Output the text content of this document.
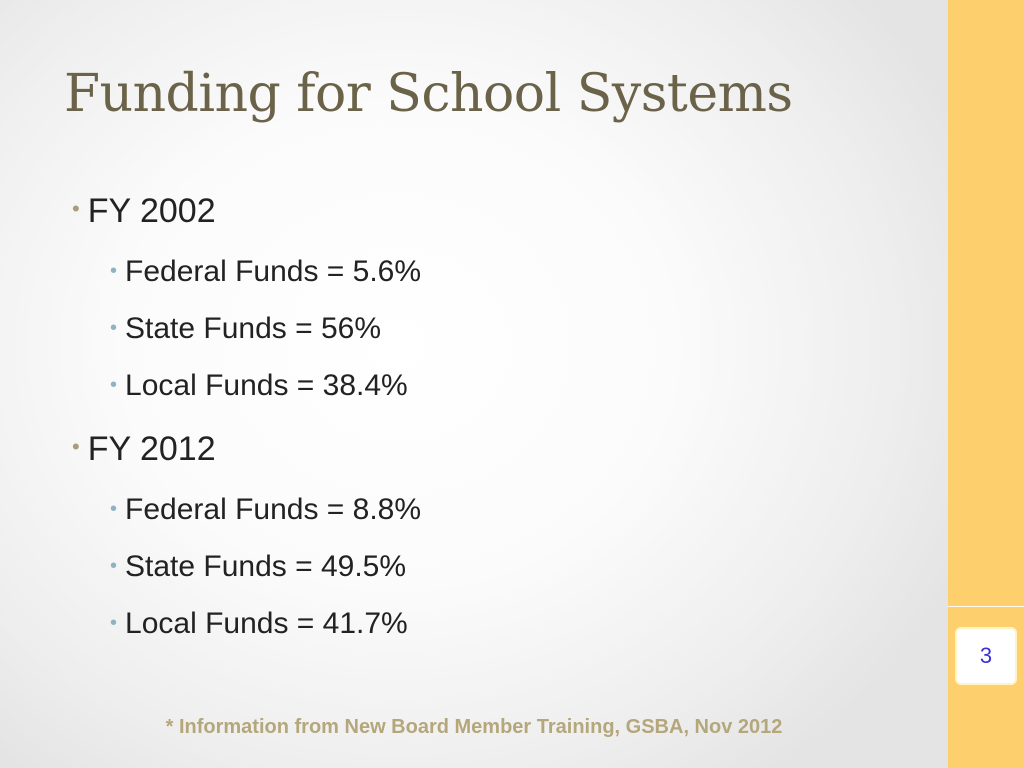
3
Funding for School Systems
• FY 2002
• Federal Funds = 5.6%
• State Funds = 56%
• Local Funds = 38.4%
• FY 2012
• Federal Funds = 8.8%
• State Funds = 49.5%
• Local Funds = 41.7%
* Information from New Board Member Training, GSBA, Nov 2012
